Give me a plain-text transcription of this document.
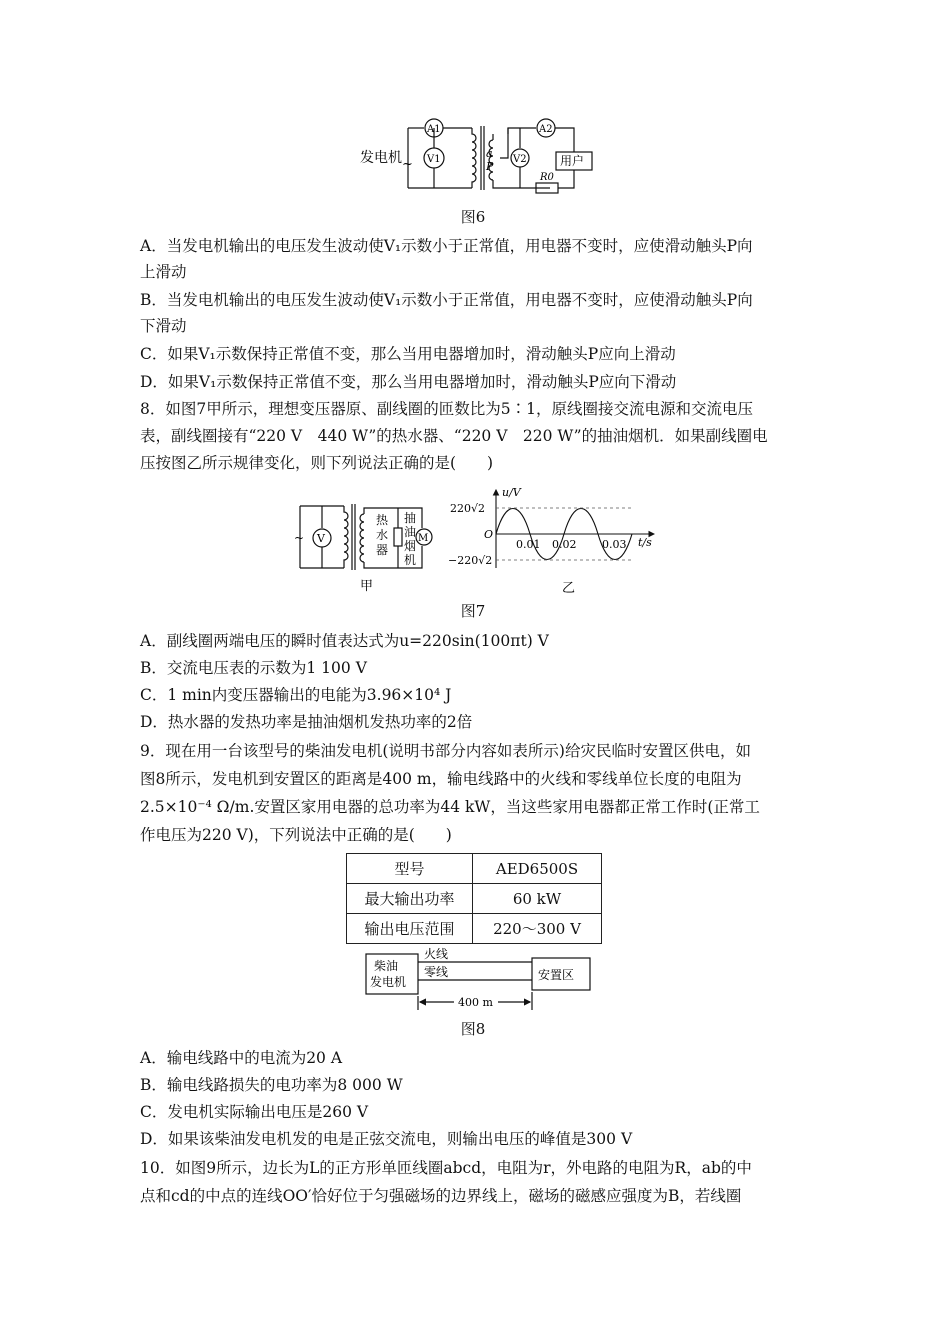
发电机 ~
A1
V1
A2
V2
a
P	用户
R0
图6
A．当发电机输出的电压发生波动使V₁示数小于正常值，用电器不变时，应使滑动触头P向
上滑动
B．当发电机输出的电压发生波动使V₁示数小于正常值，用电器不变时，应使滑动触头P向
下滑动
C．如果V₁示数保持正常值不变，那么当用电器增加时，滑动触头P应向上滑动
D．如果V₁示数保持正常值不变，那么当用电器增加时，滑动触头P应向下滑动
8．如图7甲所示，理想变压器原、副线圈的匝数比为5∶1，原线圈接交流电源和交流电压
表，副线圈接有“220 V　440 W”的热水器、“220 V　220 W”的抽油烟机．如果副线圈电
压按图乙所示规律变化，则下列说法正确的是(　　)
~ V	M
热
水
器
抽
油
烟
机
甲
u/V
t/s
O
220√2
−220√2
0.01 0.02 0.03
乙
图7
A．副线圈两端电压的瞬时值表达式为u=220sin(100πt) V
B．交流电压表的示数为1 100 V
C．1 min内变压器输出的电能为3.96×10⁴ J
D．热水器的发热功率是抽油烟机发热功率的2倍
9．现在用一台该型号的柴油发电机(说明书部分内容如表所示)给灾民临时安置区供电，如
图8所示，发电机到安置区的距离是400 m，输电线路中的火线和零线单位长度的电阻为
2.5×10⁻⁴ Ω/m.安置区家用电器的总功率为44 kW，当这些家用电器都正常工作时(正常工
作电压为220 V)，下列说法中正确的是(　　)
型号	AED6500S
最大输出功率	60 kW
输出电压范围	220～300 V
柴油
发电机
火线
零线	安置区
400 m
图8
A．输电线路中的电流为20 A
B．输电线路损失的电功率为8 000 W
C．发电机实际输出电压是260 V
D．如果该柴油发电机发的电是正弦交流电，则输出电压的峰值是300 V
10．如图9所示，边长为L的正方形单匝线圈abcd，电阻为r，外电路的电阻为R，ab的中
点和cd的中点的连线OO′恰好位于匀强磁场的边界线上，磁场的磁感应强度为B，若线圈
